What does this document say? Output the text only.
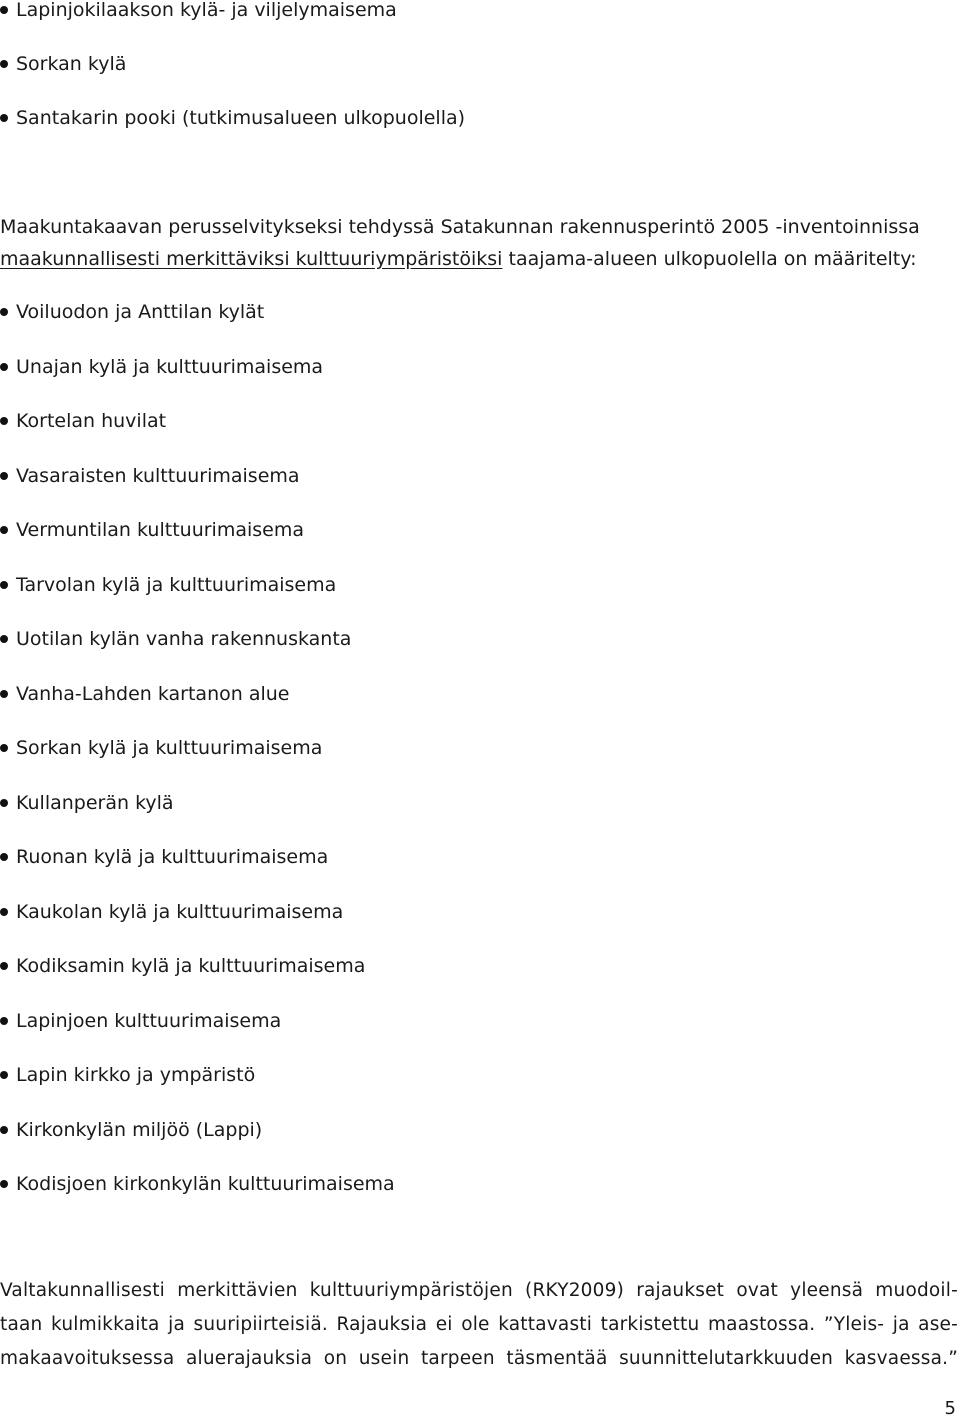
Lapinjokilaakson kylä- ja viljelymaisema
Sorkan kylä
Santakarin pooki (tutkimusalueen ulkopuolella)
Maakuntakaavan perusselvitykseksi tehdyssä Satakunnan rakennusperintö 2005 -inventoinnissa
maakunnallisesti merkittäviksi kulttuuriympäristöiksi taajama-alueen ulkopuolella on määritelty:
Voiluodon ja Anttilan kylät
Unajan kylä ja kulttuurimaisema
Kortelan huvilat
Vasaraisten kulttuurimaisema
Vermuntilan kulttuurimaisema
Tarvolan kylä ja kulttuurimaisema
Uotilan kylän vanha rakennuskanta
Vanha-Lahden kartanon alue
Sorkan kylä ja kulttuurimaisema
Kullanperän kylä
Ruonan kylä ja kulttuurimaisema
Kaukolan kylä ja kulttuurimaisema
Kodiksamin kylä ja kulttuurimaisema
Lapinjoen kulttuurimaisema
Lapin kirkko ja ympäristö
Kirkonkylän miljöö (Lappi)
Kodisjoen kirkonkylän kulttuurimaisema
Valtakunnallisesti merkittävien kulttuuriympäristöjen (RKY2009) rajaukset ovat yleensä muodoil-
taan kulmikkaita ja suuripiirteisiä. Rajauksia ei ole kattavasti tarkistettu maastossa. ”Yleis- ja ase-
makaavoituksessa aluerajauksia on usein tarpeen täsmentää suunnittelutarkkuuden kasvaessa.”
5
